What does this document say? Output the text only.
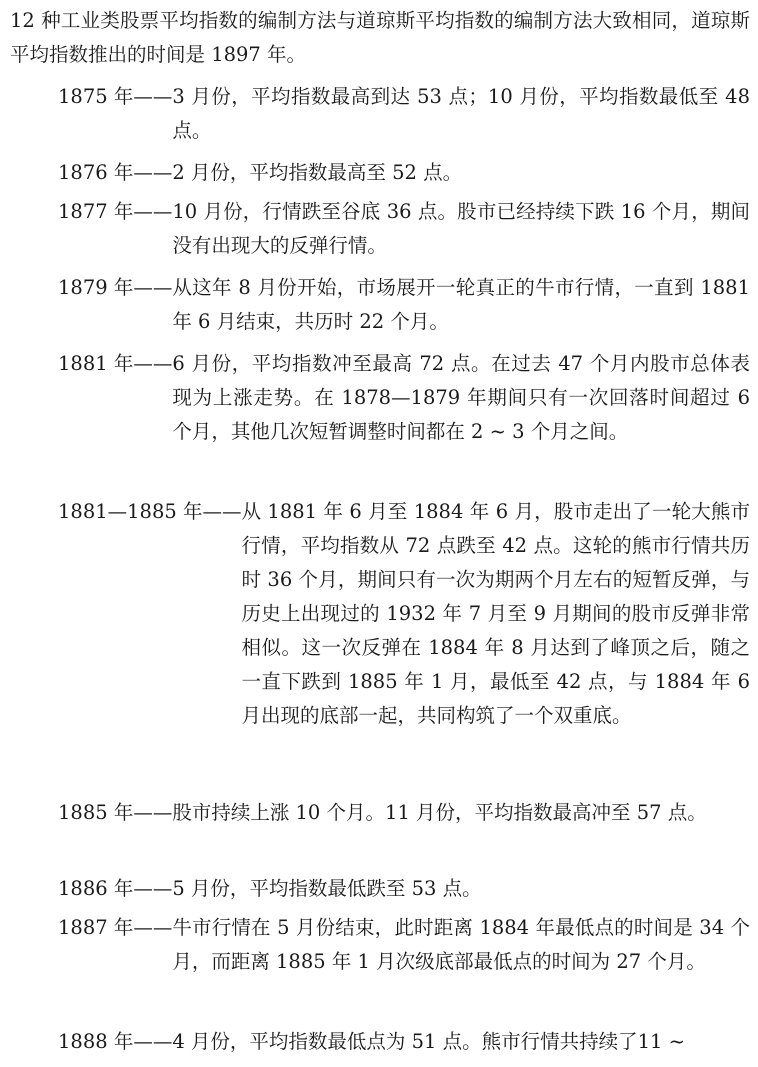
12 种工业类股票平均指数的编制方法与道琼斯平均指数的编制方法大致相同，道琼斯平均指数推出的时间是 1897 年。

1875 年—— 3 月份，平均指数最高到达 53 点；10 月份，平均指数最低至 48 点。

1876 年—— 2 月份，平均指数最高至 52 点。

1877 年—— 10 月份，行情跌至谷底 36 点。股市已经持续下跌 16 个月，期间没有出现大的反弹行情。

1879 年—— 从这年 8 月份开始，市场展开一轮真正的牛市行情，一直到 1881 年 6 月结束，共历时 22 个月。

1881 年—— 6 月份，平均指数冲至最高 72 点。在过去 47 个月内股市总体表现为上涨走势。在 1878—1879 年期间只有一次回落时间超过 6 个月，其他几次短暂调整时间都在 2 ~ 3 个月之间。

1881—1885 年—— 从 1881 年 6 月至 1884 年 6 月，股市走出了一轮大熊市行情，平均指数从 72 点跌至 42 点。这轮的熊市行情共历时 36 个月，期间只有一次为期两个月左右的短暂反弹，与历史上出现过的 1932 年 7 月至 9 月期间的股市反弹非常相似。这一次反弹在 1884 年 8 月达到了峰顶之后，随之一直下跌到 1885 年 1 月，最低至 42 点，与 1884 年 6 月出现的底部一起，共同构筑了一个双重底。

1885 年—— 股市持续上涨 10 个月。11 月份，平均指数最高冲至 57 点。

1886 年—— 5 月份，平均指数最低跌至 53 点。

1887 年—— 牛市行情在 5 月份结束，此时距离 1884 年最低点的时间是 34 个月，而距离 1885 年 1 月次级底部最低点的时间为 27 个月。

1888 年—— 4 月份，平均指数最低点为 51 点。熊市行情共持续了11 ~
